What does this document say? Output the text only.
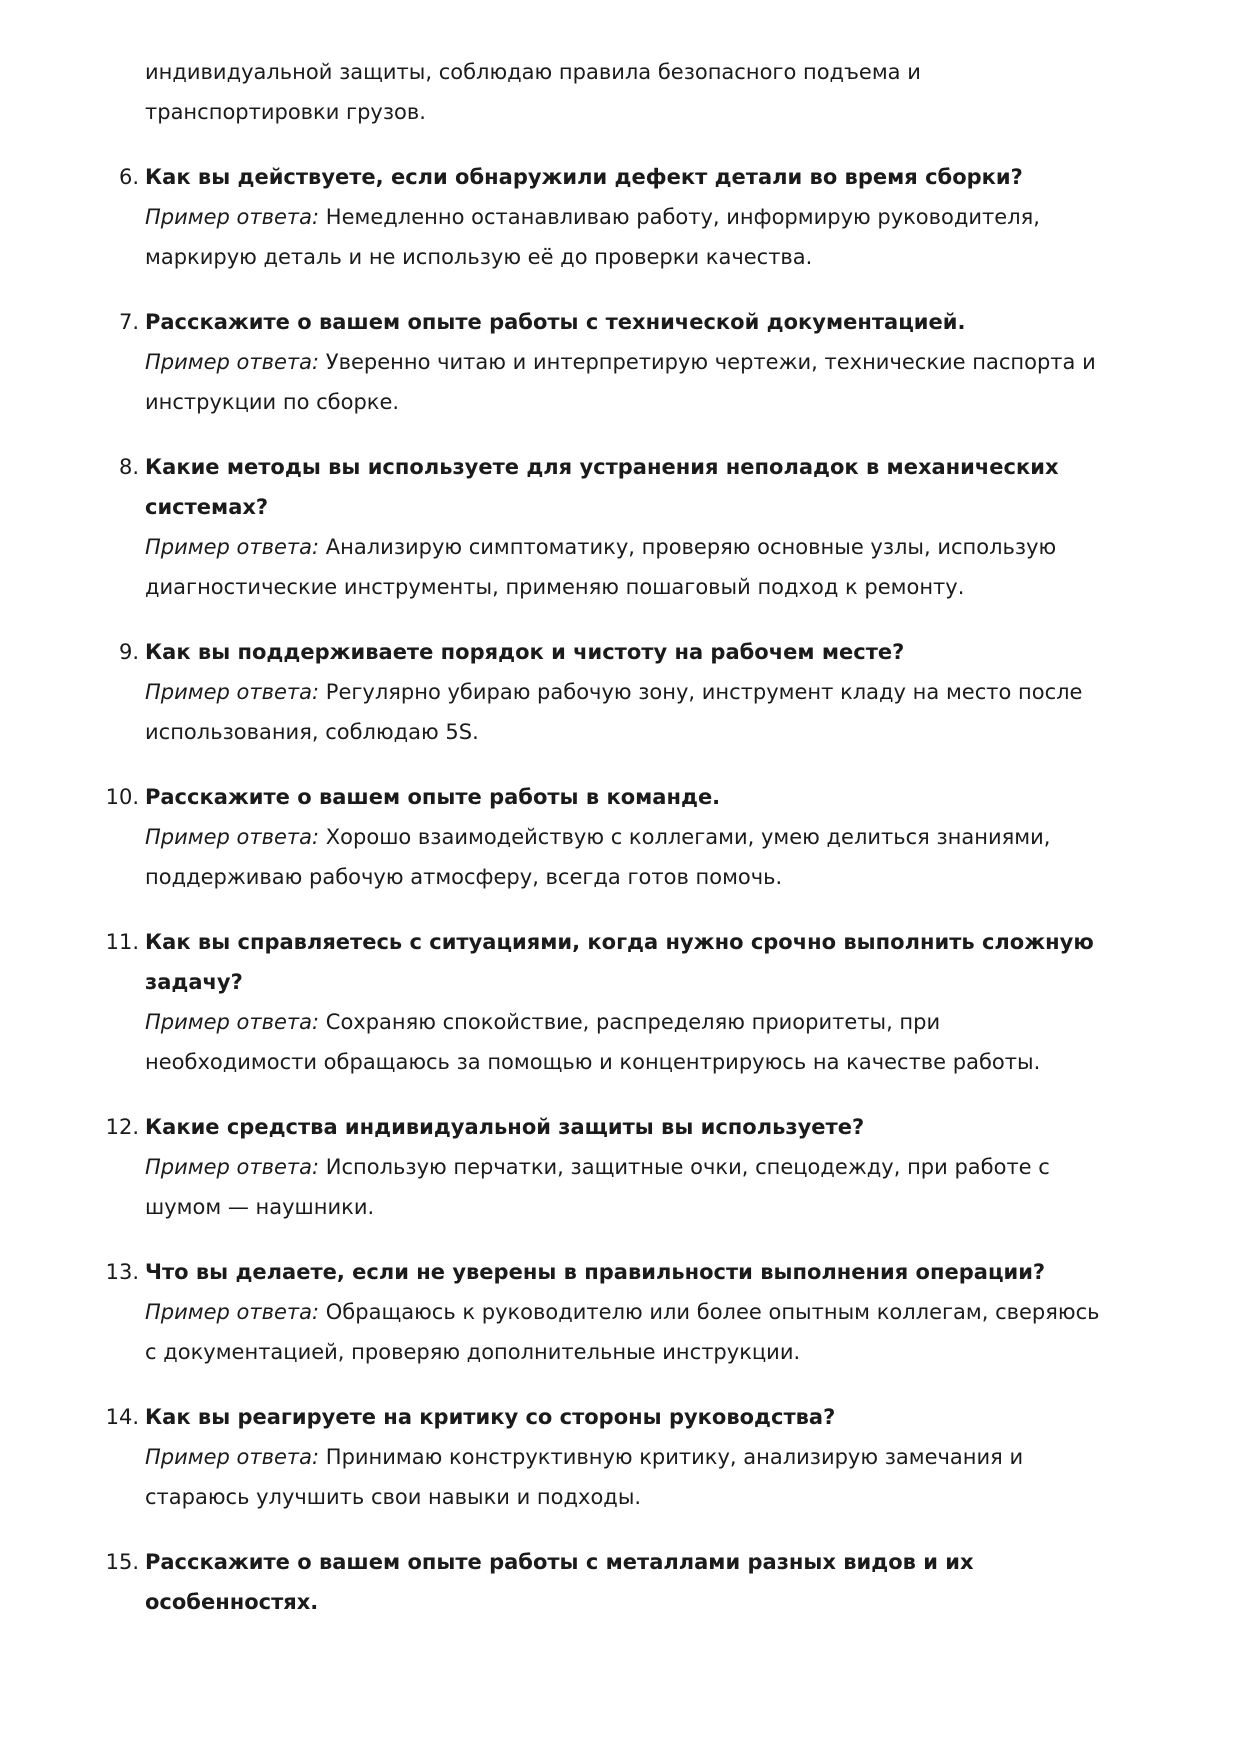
индивидуальной защиты, соблюдаю правила безопасного подъема и
транспортировки грузов.
6. Как вы действуете, если обнаружили дефект детали во время сборки?
Пример ответа: Немедленно останавливаю работу, информирую руководителя,
маркирую деталь и не использую её до проверки качества.
7. Расскажите о вашем опыте работы с технической документацией.
Пример ответа: Уверенно читаю и интерпретирую чертежи, технические паспорта и
инструкции по сборке.
8. Какие методы вы используете для устранения неполадок в механических
системах?
Пример ответа: Анализирую симптоматику, проверяю основные узлы, использую
диагностические инструменты, применяю пошаговый подход к ремонту.
9. Как вы поддерживаете порядок и чистоту на рабочем месте?
Пример ответа: Регулярно убираю рабочую зону, инструмент кладу на место после
использования, соблюдаю 5S.
10. Расскажите о вашем опыте работы в команде.
Пример ответа: Хорошо взаимодействую с коллегами, умею делиться знаниями,
поддерживаю рабочую атмосферу, всегда готов помочь.
11. Как вы справляетесь с ситуациями, когда нужно срочно выполнить сложную
задачу?
Пример ответа: Сохраняю спокойствие, распределяю приоритеты, при
необходимости обращаюсь за помощью и концентрируюсь на качестве работы.
12. Какие средства индивидуальной защиты вы используете?
Пример ответа: Использую перчатки, защитные очки, спецодежду, при работе с
шумом — наушники.
13. Что вы делаете, если не уверены в правильности выполнения операции?
Пример ответа: Обращаюсь к руководителю или более опытным коллегам, сверяюсь
с документацией, проверяю дополнительные инструкции.
14. Как вы реагируете на критику со стороны руководства?
Пример ответа: Принимаю конструктивную критику, анализирую замечания и
стараюсь улучшить свои навыки и подходы.
15. Расскажите о вашем опыте работы с металлами разных видов и их
особенностях.
